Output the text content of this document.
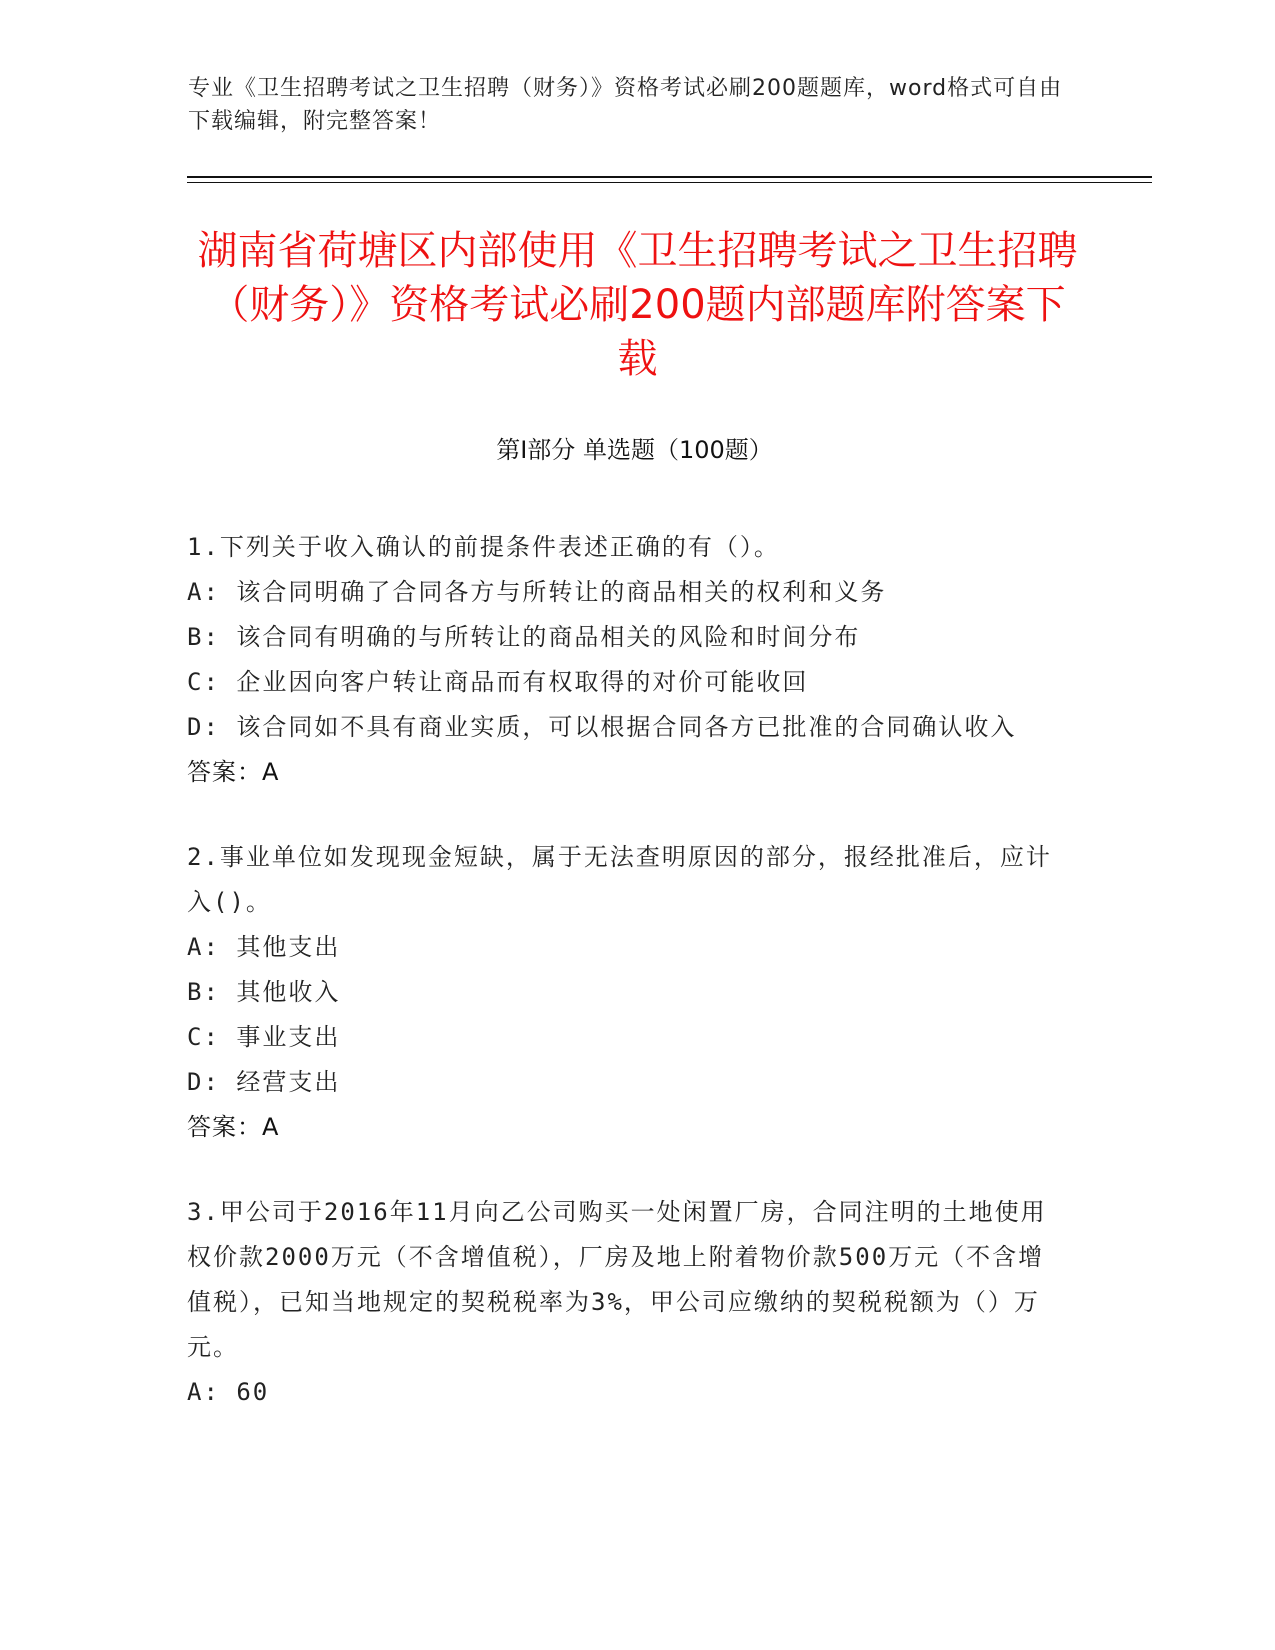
专业《卫生招聘考试之卫生招聘（财务）》资格考试必刷200题题库，word格式可自由下载编辑，附完整答案！
湖南省荷塘区内部使用《卫生招聘考试之卫生招聘（财务）》资格考试必刷200题内部题库附答案下载
第Ⅰ部分 单选题（100题）
1.下列关于收入确认的前提条件表述正确的有（）。
A: 该合同明确了合同各方与所转让的商品相关的权利和义务
B: 该合同有明确的与所转让的商品相关的风险和时间分布
C: 企业因向客户转让商品而有权取得的对价可能收回
D: 该合同如不具有商业实质，可以根据合同各方已批准的合同确认收入
答案：A
2.事业单位如发现现金短缺，属于无法查明原因的部分，报经批准后，应计入()。
A: 其他支出
B: 其他收入
C: 事业支出
D: 经营支出
答案：A
3.甲公司于2016年11月向乙公司购买一处闲置厂房，合同注明的土地使用权价款2000万元（不含增值税），厂房及地上附着物价款500万元（不含增值税），已知当地规定的契税税率为3%，甲公司应缴纳的契税税额为（）万元。
A: 60
